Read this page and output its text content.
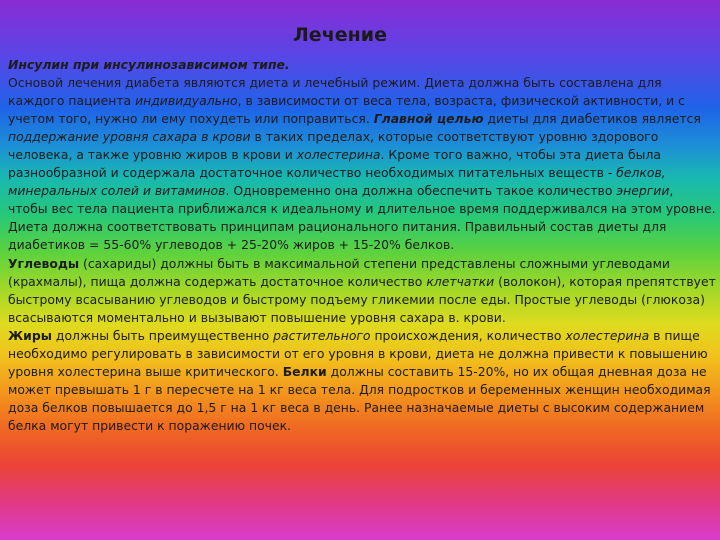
Лечение

Инсулин при инсулинозависимом типе.

Основой лечения диабета являются диета и лечебный режим. Диета должна быть составлена для каждого пациента индивидуально, в зависимости от веса тела, возраста, физической активности, и с учетом того, нужно ли ему похудеть или поправиться. Главной целью диеты для диабетиков является поддержание уровня сахара в крови в таких пределах, которые соответствуют уровню здорового человека, а также уровню жиров в крови и холестерина. Кроме того важно, чтобы эта диета была разнообразной и содержала достаточное количество необходимых питательных веществ - белков, минеральных солей и витаминов. Одновременно она должна обеспечить такое количество энергии, чтобы вес тела пациента приближался к идеальному и длительное время поддерживался на этом уровне. Диета должна соответствовать принципам рационального питания. Правильный состав диеты для диабетиков = 55-60% углеводов + 25-20% жиров + 15-20% белков.

Углеводы (сахариды) должны быть в максимальной степени представлены сложными углеводами (крахмалы), пища должна содержать достаточное количество клетчатки (волокон), которая препятствует быстрому всасыванию углеводов и быстрому подъему гликемии после еды. Простые углеводы (глюкоза) всасываются моментально и вызывают повышение уровня сахара в. крови.

Жиры должны быть преимущественно растительного происхождения, количество холестерина в пище необходимо регулировать в зависимости от его уровня в крови, диета не должна привести к повышению уровня холестерина выше критического. Белки должны составить 15-20%, но их общая дневная доза не может превышать 1 г в пересчете на 1 кг веса тела. Для подростков и беременных женщин необходимая доза белков повышается до 1,5 г на 1 кг веса в день. Ранее назначаемые диеты с высоким содержанием белка могут привести к поражению почек.
